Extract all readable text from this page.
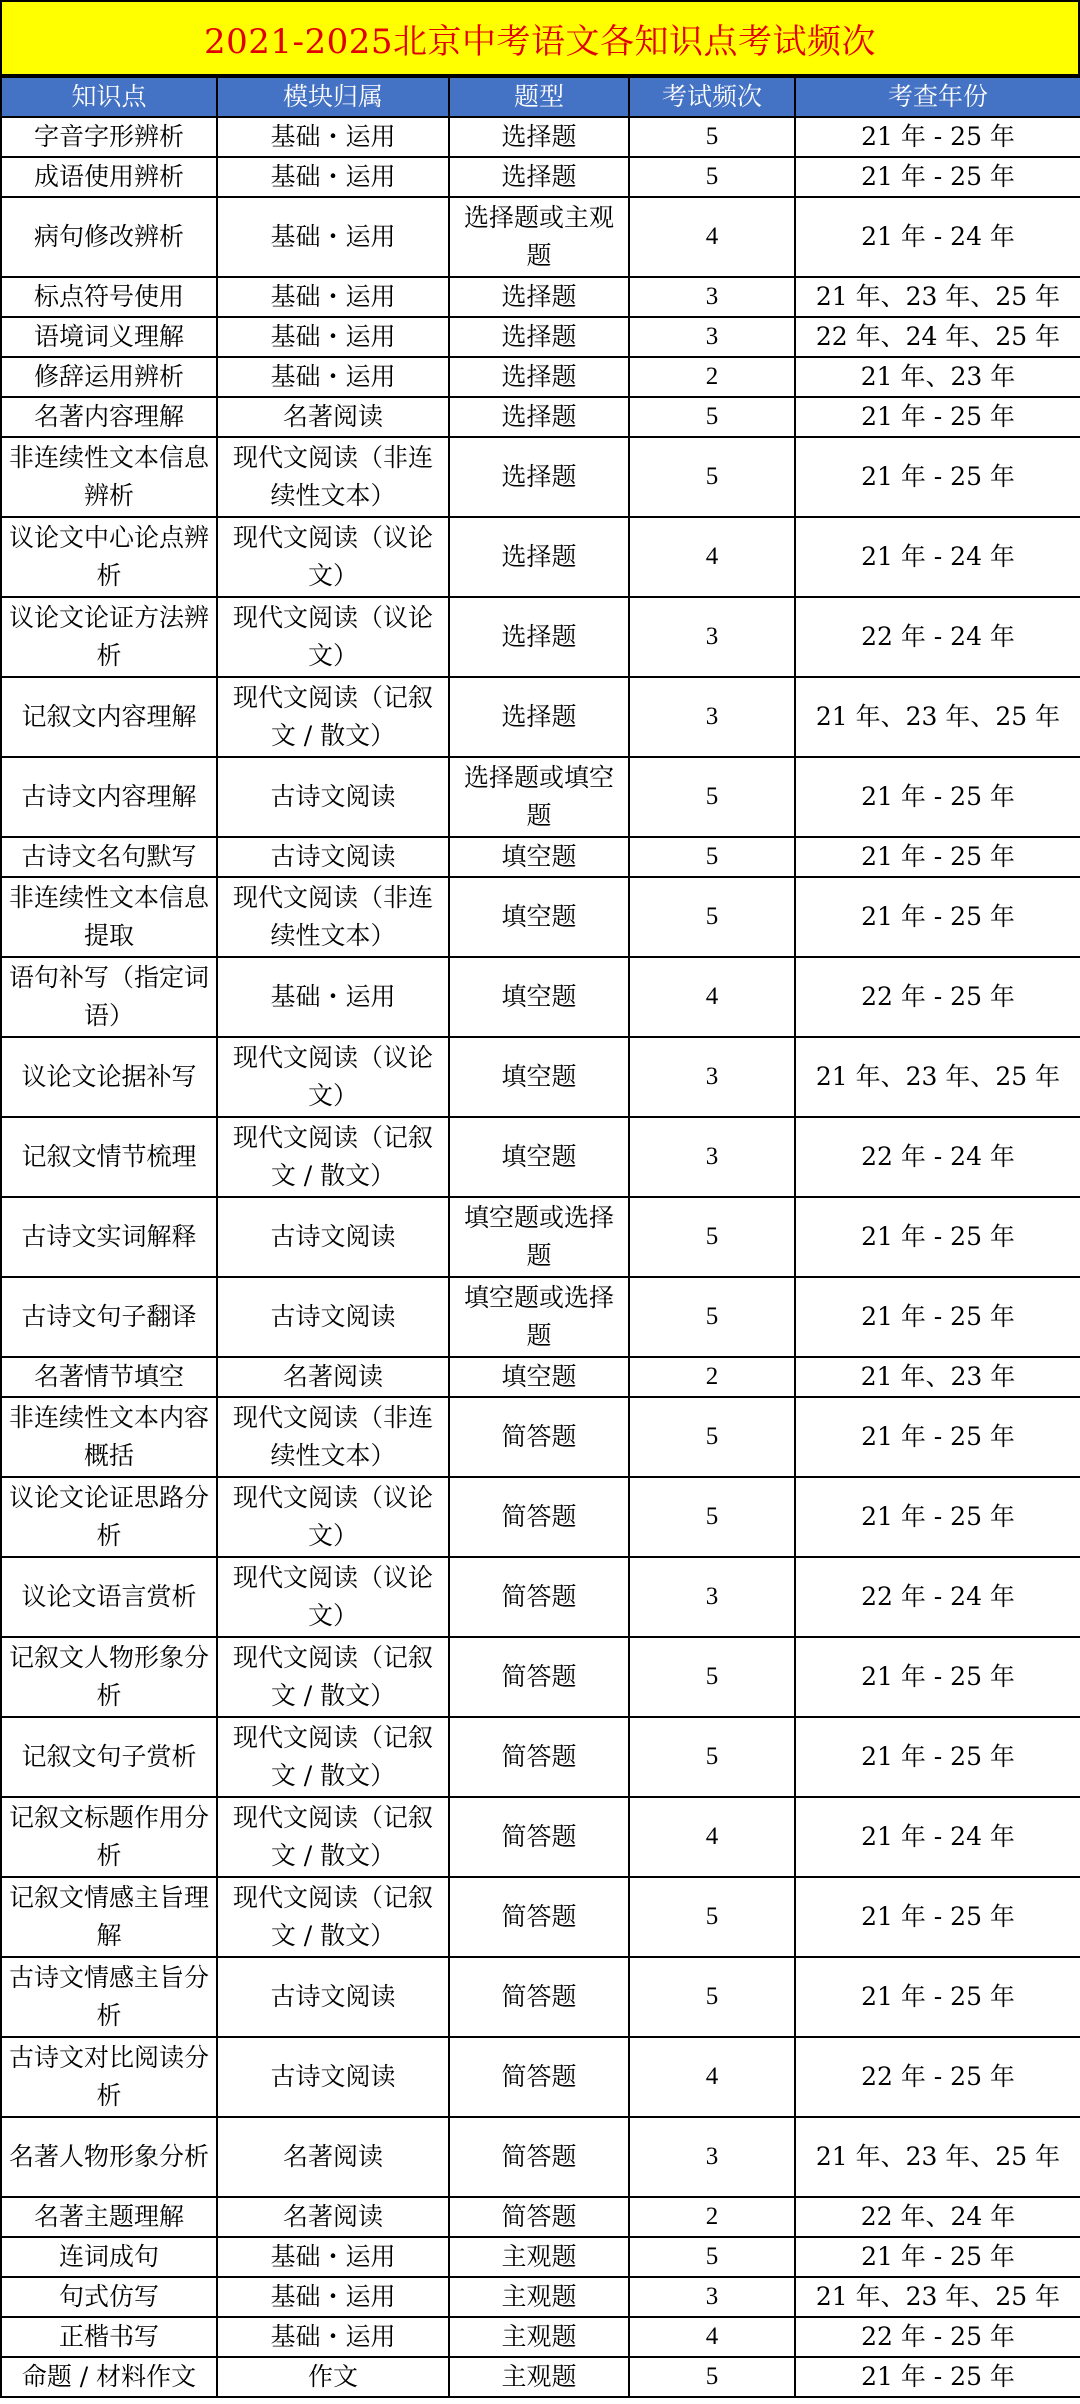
2021-2025北京中考语文各知识点考试频次
知识点	模块归属	题型	考试频次	考查年份
字音字形辨析	基础・运用	选择题	5	21 年 - 25 年
成语使用辨析	基础・运用	选择题	5	21 年 - 25 年
病句修改辨析	基础・运用	选择题或主观题	4	21 年 - 24 年
标点符号使用	基础・运用	选择题	3	21 年、23 年、25 年
语境词义理解	基础・运用	选择题	3	22 年、24 年、25 年
修辞运用辨析	基础・运用	选择题	2	21 年、23 年
名著内容理解	名著阅读	选择题	5	21 年 - 25 年
非连续性文本信息辨析	现代文阅读（非连续性文本）	选择题	5	21 年 - 25 年
议论文中心论点辨析	现代文阅读（议论文）	选择题	4	21 年 - 24 年
议论文论证方法辨析	现代文阅读（议论文）	选择题	3	22 年 - 24 年
记叙文内容理解	现代文阅读（记叙文 / 散文）	选择题	3	21 年、23 年、25 年
古诗文内容理解	古诗文阅读	选择题或填空题	5	21 年 - 25 年
古诗文名句默写	古诗文阅读	填空题	5	21 年 - 25 年
非连续性文本信息提取	现代文阅读（非连续性文本）	填空题	5	21 年 - 25 年
语句补写（指定词语）	基础・运用	填空题	4	22 年 - 25 年
议论文论据补写	现代文阅读（议论文）	填空题	3	21 年、23 年、25 年
记叙文情节梳理	现代文阅读（记叙文 / 散文）	填空题	3	22 年 - 24 年
古诗文实词解释	古诗文阅读	填空题或选择题	5	21 年 - 25 年
古诗文句子翻译	古诗文阅读	填空题或选择题	5	21 年 - 25 年
名著情节填空	名著阅读	填空题	2	21 年、23 年
非连续性文本内容概括	现代文阅读（非连续性文本）	简答题	5	21 年 - 25 年
议论文论证思路分析	现代文阅读（议论文）	简答题	5	21 年 - 25 年
议论文语言赏析	现代文阅读（议论文）	简答题	3	22 年 - 24 年
记叙文人物形象分析	现代文阅读（记叙文 / 散文）	简答题	5	21 年 - 25 年
记叙文句子赏析	现代文阅读（记叙文 / 散文）	简答题	5	21 年 - 25 年
记叙文标题作用分析	现代文阅读（记叙文 / 散文）	简答题	4	21 年 - 24 年
记叙文情感主旨理解	现代文阅读（记叙文 / 散文）	简答题	5	21 年 - 25 年
古诗文情感主旨分析	古诗文阅读	简答题	5	21 年 - 25 年
古诗文对比阅读分析	古诗文阅读	简答题	4	22 年 - 25 年
名著人物形象分析	名著阅读	简答题	3	21 年、23 年、25 年
名著主题理解	名著阅读	简答题	2	22 年、24 年
连词成句	基础・运用	主观题	5	21 年 - 25 年
句式仿写	基础・运用	主观题	3	21 年、23 年、25 年
正楷书写	基础・运用	主观题	4	22 年 - 25 年
命题 / 材料作文	作文	主观题	5	21 年 - 25 年
